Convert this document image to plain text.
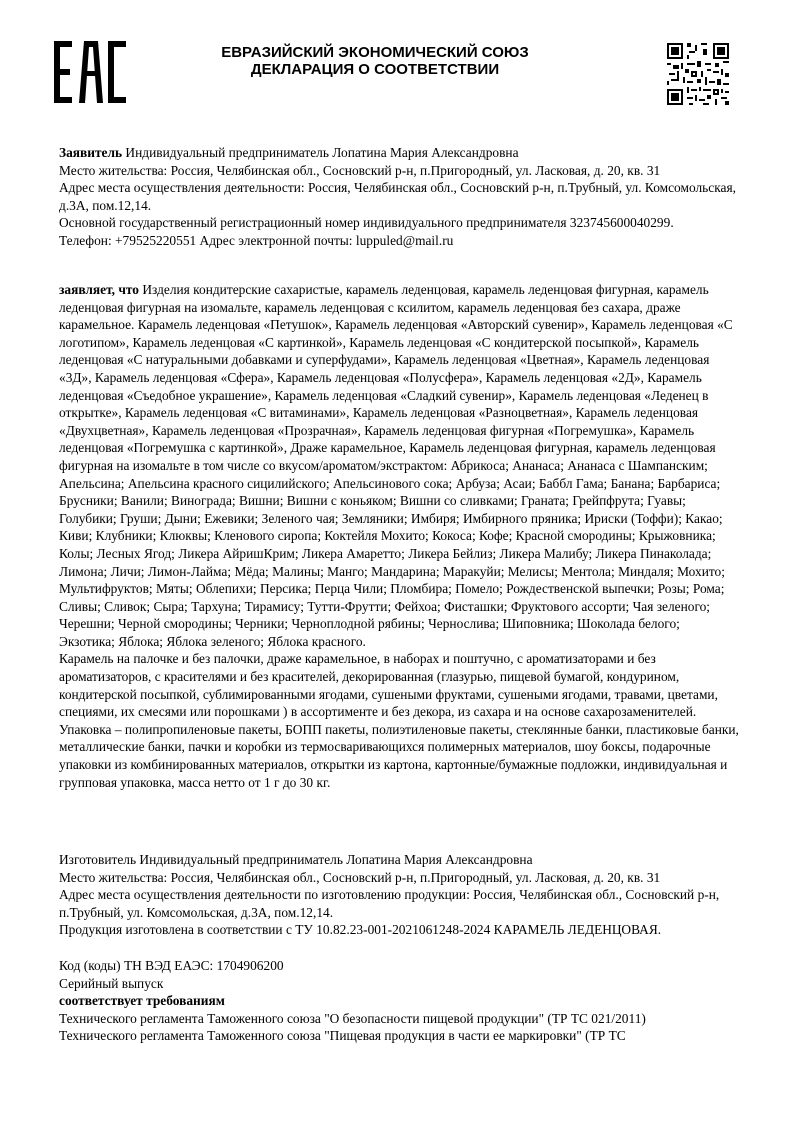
ЕВРАЗИЙСКИЙ ЭКОНОМИЧЕСКИЙ СОЮЗ
ДЕКЛАРАЦИЯ О СООТВЕТСТВИИ

Заявитель Индивидуальный предприниматель Лопатина Мария Александровна

Место жительства: Россия, Челябинская обл., Сосновский р-н, п.Пригородный, ул. Ласковая, д. 20, кв. 31

Адрес места осуществления деятельности: Россия, Челябинская обл., Сосновский р-н, п.Трубный, ул. Комсомольская, д.3А, пом.12,14.

Основной государственный регистрационный номер индивидуального предпринимателя 323745600040299.

Телефон: +79525220551 Адрес электронной почты: luppuled@mail.ru

заявляет, что Изделия кондитерские сахаристые, карамель леденцовая, карамель леденцовая фигурная, карамель леденцовая фигурная на изомальте, карамель леденцовая с ксилитом, карамель леденцовая без сахара, драже карамельное. Карамель леденцовая «Петушок», Карамель леденцовая «Авторский сувенир», Карамель леденцовая «С логотипом», Карамель леденцовая «С картинкой», Карамель леденцовая «С кондитерской посыпкой», Карамель леденцовая «С натуральными добавками и суперфудами», Карамель леденцовая «Цветная», Карамель леденцовая «3Д», Карамель леденцовая «Сфера», Карамель леденцовая «Полусфера», Карамель леденцовая «2Д», Карамель леденцовая «Съедобное украшение», Карамель леденцовая «Сладкий сувенир», Карамель леденцовая «Леденец в открытке», Карамель леденцовая «С витаминами», Карамель леденцовая «Разноцветная», Карамель леденцовая «Двухцветная», Карамель леденцовая «Прозрачная», Карамель леденцовая фигурная «Погремушка», Карамель леденцовая «Погремушка с картинкой», Драже карамельное, Карамель леденцовая фигурная, карамель леденцовая фигурная на изомальте в том числе со вкусом/ароматом/экстрактом: Абрикоса; Ананаса; Ананаса с Шампанским; Апельсина; Апельсина красного сицилийского; Апельсинового сока; Арбуза; Асаи; Баббл Гама; Банана; Барбариса; Брусники; Ванили; Винограда; Вишни; Вишни с коньяком; Вишни со сливками; Граната; Грейпфрута; Гуавы; Голубики; Груши; Дыни; Ежевики; Зеленого чая; Земляники; Имбиря; Имбирного пряника; Ириски (Тоффи); Какао; Киви; Клубники; Клюквы; Кленового сиропа; Коктейля Мохито; Кокоса; Кофе; Красной смородины; Крыжовника; Колы; Лесных Ягод; Ликера АйришКрим; Ликера Амаретто; Ликера Бейлиз; Ликера Малибу; Ликера Пинаколада; Лимона; Личи; Лимон-Лайма; Мёда; Малины; Манго; Мандарина; Маракуйи; Мелисы; Ментола; Миндаля; Мохито; Мультифруктов; Мяты; Облепихи; Персика; Перца Чили; Пломбира; Помело; Рождественской выпечки; Розы; Рома; Сливы; Сливок; Сыра; Тархуна; Тирамису; Тутти-Фрутти; Фейхоа; Фисташки; Фруктового ассорти; Чая зеленого; Черешни; Черной смородины; Черники; Черноплодной рябины; Чернослива; Шиповника; Шоколада белого; Экзотика; Яблока; Яблока зеленого; Яблока красного.

Карамель на палочке и без палочки, драже карамельное, в наборах и поштучно, с ароматизаторами и без ароматизаторов, с красителями и без красителей, декорированная (глазурью, пищевой бумагой, кондурином, кондитерской посыпкой, сублимированными ягодами, сушеными фруктами, сушеными ягодами, травами, цветами, специями, их смесями или порошками ) в ассортименте и без декора, из сахара и на основе сахарозаменителей.

Упаковка – полипропиленовые пакеты, БОПП пакеты, полиэтиленовые пакеты, стеклянные банки, пластиковые банки, металлические банки, пачки и коробки из термосваривающихся полимерных материалов, шоу боксы, подарочные упаковки из комбинированных материалов, открытки из картона, картонные/бумажные подложки, индивидуальная и групповая упаковка, масса нетто от 1 г до 30 кг.

Изготовитель Индивидуальный предприниматель Лопатина Мария Александровна

Место жительства: Россия, Челябинская обл., Сосновский р-н, п.Пригородный, ул. Ласковая, д. 20, кв. 31

Адрес места осуществления деятельности по изготовлению продукции: Россия, Челябинская обл., Сосновский р-н, п.Трубный, ул. Комсомольская, д.3А, пом.12,14.

Продукция изготовлена в соответствии с ТУ 10.82.23-001-2021061248-2024 КАРАМЕЛЬ ЛЕДЕНЦОВАЯ.

Код (коды) ТН ВЭД ЕАЭС: 1704906200

Серийный выпуск

соответствует требованиям

Технического регламента Таможенного союза "О безопасности пищевой продукции" (ТР ТС 021/2011)

Технического регламента Таможенного союза "Пищевая продукция в части ее маркировки" (ТР ТС
